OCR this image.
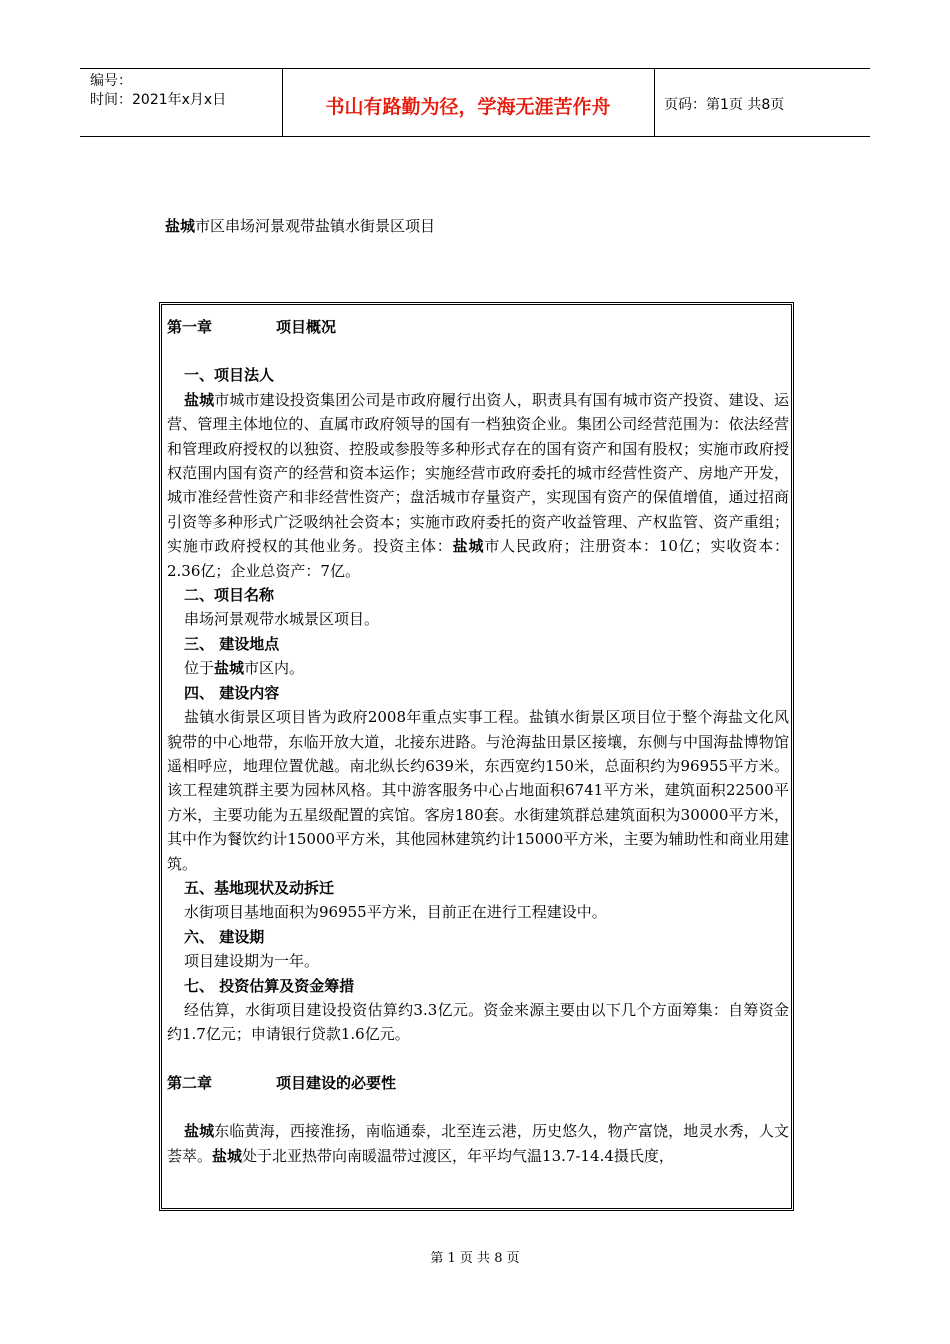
编号：
时间：2021年x月x日	书山有路勤为径，学海无涯苦作舟	页码：第1页 共8页
盐城市区串场河景观带盐镇水街景区项目

第一章	项目概况

一、项目法人

盐城市城市建设投资集团公司是市政府履行出资人，职责具有国有城市资产投资、建设、运营、管理主体地位的、直属市政府领导的国有一档独资企业。集团公司经营范围为：依法经营和管理政府授权的以独资、控股或参股等多种形式存在的国有资产和国有股权；实施市政府授权范围内国有资产的经营和资本运作；实施经营市政府委托的城市经营性资产、房地产开发，城市准经营性资产和非经营性资产；盘活城市存量资产，实现国有资产的保值增值，通过招商引资等多种形式广泛吸纳社会资本；实施市政府委托的资产收益管理、产权监管、资产重组；实施市政府授权的其他业务。投资主体：盐城市人民政府；注册资本：10亿；实收资本：2.36亿；企业总资产：7亿。

二、项目名称

串场河景观带水城景区项目。

三、 建设地点

位于盐城市区内。

四、 建设内容

盐镇水街景区项目皆为政府2008年重点实事工程。盐镇水街景区项目位于整个海盐文化风貌带的中心地带，东临开放大道，北接东进路。与沧海盐田景区接壤，东侧与中国海盐博物馆遥相呼应，地理位置优越。南北纵长约639米，东西宽约150米，总面积约为96955平方米。该工程建筑群主要为园林风格。其中游客服务中心占地面积6741平方米，建筑面积22500平方米，主要功能为五星级配置的宾馆。客房180套。水街建筑群总建筑面积为30000平方米，其中作为餐饮约计15000平方米，其他园林建筑约计15000平方米，主要为辅助性和商业用建筑。

五、基地现状及动拆迁

水街项目基地面积为96955平方米，目前正在进行工程建设中。

六、 建设期

项目建设期为一年。

七、 投资估算及资金筹措

经估算，水街项目建设投资估算约3.3亿元。资金来源主要由以下几个方面筹集：自筹资金约1.7亿元；申请银行贷款1.6亿元。

第二章	项目建设的必要性

盐城东临黄海，西接淮扬，南临通泰，北至连云港，历史悠久，物产富饶，地灵水秀，人文荟萃。盐城处于北亚热带向南暖温带过渡区，年平均气温13.7-14.4摄氏度，

第 1 页 共 8 页
